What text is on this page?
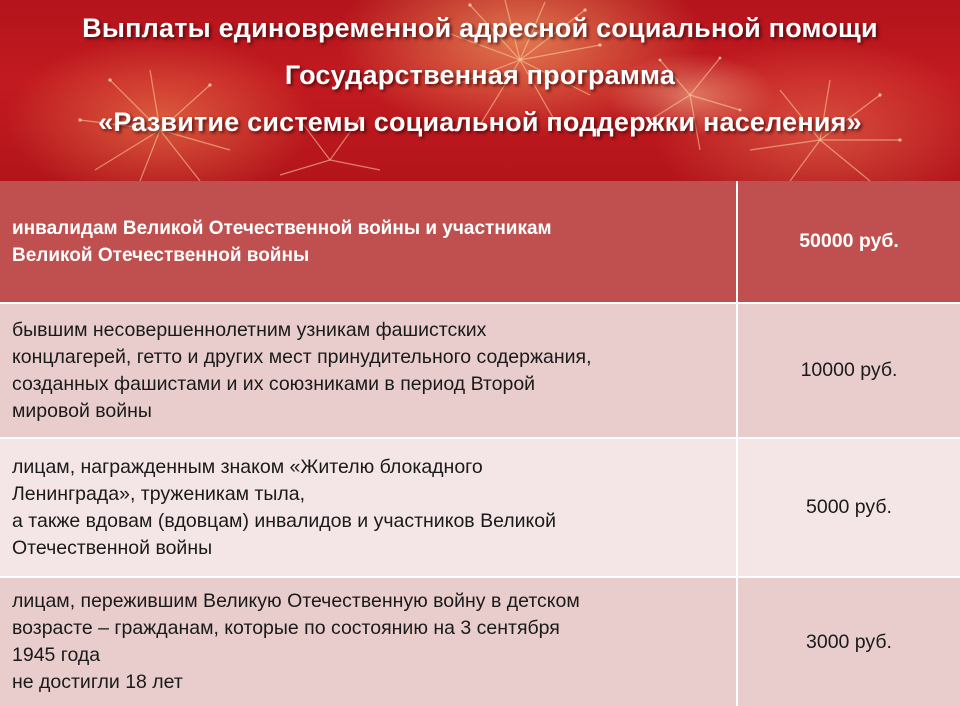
Выплаты единовременной адресной социальной помощи
Государственная программа
«Развитие системы социальной поддержки населения»
инвалидам Великой Отечественной войны и участникам
Великой Отечественной войны
50000 руб.
бывшим несовершеннолетним узникам фашистских
концлагерей, гетто и других мест принудительного содержания,
созданных фашистами и их союзниками в период Второй
мировой войны
10000 руб.
лицам, награжденным знаком «Жителю блокадного
Ленинграда», труженикам тыла,
а также вдовам (вдовцам) инвалидов и участников Великой
Отечественной войны
5000 руб.
лицам, пережившим Великую Отечественную войну в детском
возрасте – гражданам, которые по состоянию на 3 сентября
1945 года
не достигли 18 лет
3000 руб.
